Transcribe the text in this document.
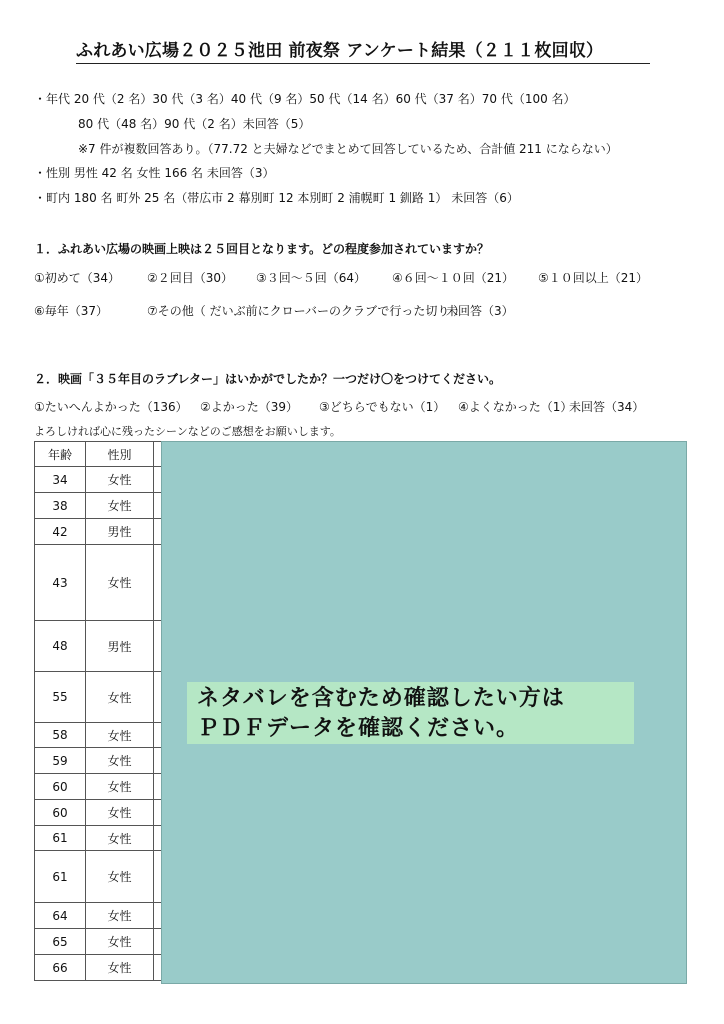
ふれあい広場２０２５池田 前夜祭 アンケート結果（２１１枚回収）
・年代 20 代（2 名）30 代（3 名）40 代（9 名）50 代（14 名）60 代（37 名）70 代（100 名）
80 代（48 名）90 代（2 名）未回答（5）
※7 件が複数回答あり。（77.72 と夫婦などでまとめて回答しているため、合計値 211 にならない）
・性別 男性 42 名 女性 166 名 未回答（3）
・町内 180 名 町外 25 名（帯広市 2 幕別町 12 本別町 2 浦幌町 1 釧路 1） 未回答（6）
１．ふれあい広場の映画上映は２５回目となります。どの程度参加されていますか？
①初めて（34） ②２回目（30） ③３回～５回（64） ④６回～１０回（21） ⑤１０回以上（21）
⑥毎年（37）	⑦その他（ だいぶ前にクローバーのクラブで行った切り ）
未回答（3）
２．映画「３５年目のラブレター」はいかがでしたか？一つだけ〇をつけてください。
①たいへんよかった（136） ②よかった（39） ③どちらでもない（1） ④よくなかった（1）
未回答（34）
よろしければ心に残ったシーンなどのご感想をお願いします。
年齢	性別	
34	女性	
38	女性	
42	男性	
43	女性	
48	男性	
55	女性	
58	女性	
59	女性	
60	女性	
60	女性	
61	女性	
61	女性	
64	女性	
65	女性	
66	女性	
ネタバレを含むため確認したい方は
ＰＤＦデータを確認ください。
